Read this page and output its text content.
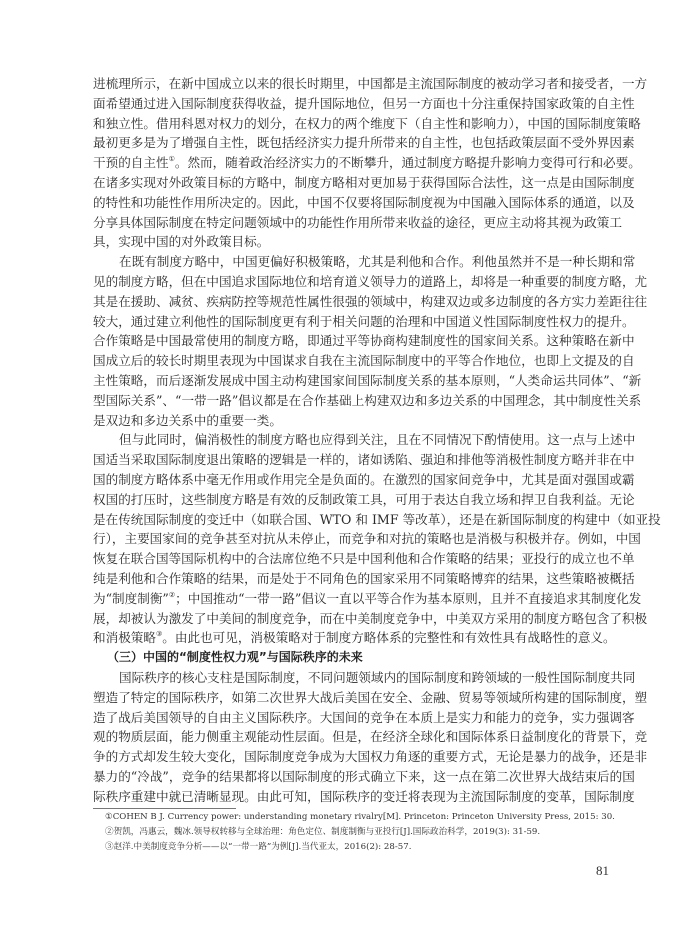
进梳理所示，在新中国成立以来的很长时期里，中国都是主流国际制度的被动学习者和接受者，一方
面希望通过进入国际制度获得收益，提升国际地位，但另一方面也十分注重保持国家政策的自主性
和独立性。借用科恩对权力的划分，在权力的两个维度下（自主性和影响力），中国的国际制度策略
最初更多是为了增强自主性，既包括经济实力提升所带来的自主性，也包括政策层面不受外界因素
干预的自主性①。然而，随着政治经济实力的不断攀升，通过制度方略提升影响力变得可行和必要。
在诸多实现对外政策目标的方略中，制度方略相对更加易于获得国际合法性，这一点是由国际制度
的特性和功能性作用所决定的。因此，中国不仅要将国际制度视为中国融入国际体系的通道，以及
分享具体国际制度在特定问题领域中的功能性作用所带来收益的途径，更应主动将其视为政策工
具，实现中国的对外政策目标。
在既有制度方略中，中国更偏好积极策略，尤其是利他和合作。利他虽然并不是一种长期和常
见的制度方略，但在中国追求国际地位和培育道义领导力的道路上，却将是一种重要的制度方略，尤
其是在援助、减贫、疾病防控等规范性属性很强的领域中，构建双边或多边制度的各方实力差距往往
较大，通过建立利他性的国际制度更有利于相关问题的治理和中国道义性国际制度性权力的提升。
合作策略是中国最常使用的制度方略，即通过平等协商构建制度性的国家间关系。这种策略在新中
国成立后的较长时期里表现为中国谋求自我在主流国际制度中的平等合作地位，也即上文提及的自
主性策略，而后逐渐发展成中国主动构建国家间国际制度关系的基本原则，“人类命运共同体”、“新
型国际关系”、“一带一路”倡议都是在合作基础上构建双边和多边关系的中国理念，其中制度性关系
是双边和多边关系中的重要一类。
但与此同时，偏消极性的制度方略也应得到关注，且在不同情况下酌情使用。这一点与上述中
国适当采取国际制度退出策略的逻辑是一样的，诸如诱陷、强迫和排他等消极性制度方略并非在中
国的制度方略体系中毫无作用或作用完全是负面的。在激烈的国家间竞争中，尤其是面对强国或霸
权国的打压时，这些制度方略是有效的反制政策工具，可用于表达自我立场和捍卫自我利益。无论
是在传统国际制度的变迁中（如联合国、WTO 和 IMF 等改革），还是在新国际制度的构建中（如亚投
行），主要国家间的竞争甚至对抗从未停止，而竞争和对抗的策略也是消极与积极并存。例如，中国
恢复在联合国等国际机构中的合法席位绝不只是中国利他和合作策略的结果；亚投行的成立也不单
纯是利他和合作策略的结果，而是处于不同角色的国家采用不同策略博弈的结果，这些策略被概括
为“制度制衡”②；中国推动“一带一路”倡议一直以平等合作为基本原则，且并不直接追求其制度化发
展，却被认为激发了中美间的制度竞争，而在中美制度竞争中，中美双方采用的制度方略包含了积极
和消极策略③。由此也可见，消极策略对于制度方略体系的完整性和有效性具有战略性的意义。
（三）中国的“制度性权力观”与国际秩序的未来
国际秩序的核心支柱是国际制度，不同问题领域内的国际制度和跨领域的一般性国际制度共同
塑造了特定的国际秩序，如第二次世界大战后美国在安全、金融、贸易等领域所构建的国际制度，塑
造了战后美国领导的自由主义国际秩序。大国间的竞争在本质上是实力和能力的竞争，实力强调客
观的物质层面，能力侧重主观能动性层面。但是，在经济全球化和国际体系日益制度化的背景下，竞
争的方式却发生较大变化，国际制度竞争成为大国权力角逐的重要方式，无论是暴力的战争，还是非
暴力的“冷战”，竞争的结果都将以国际制度的形式确立下来，这一点在第二次世界大战结束后的国
际秩序重建中就已清晰显现。由此可知，国际秩序的变迁将表现为主流国际制度的变革，国际制度
①COHEN B J. Currency power: understanding monetary rivalry[M]. Princeton: Princeton University Press, 2015: 30.
②贺凯，冯惠云，魏冰.领导权转移与全球治理：角色定位、制度制衡与亚投行[J].国际政治科学，2019(3): 31-59.
③赵洋.中美制度竞争分析——以“一带一路”为例[J].当代亚太，2016(2): 28-57.
81
